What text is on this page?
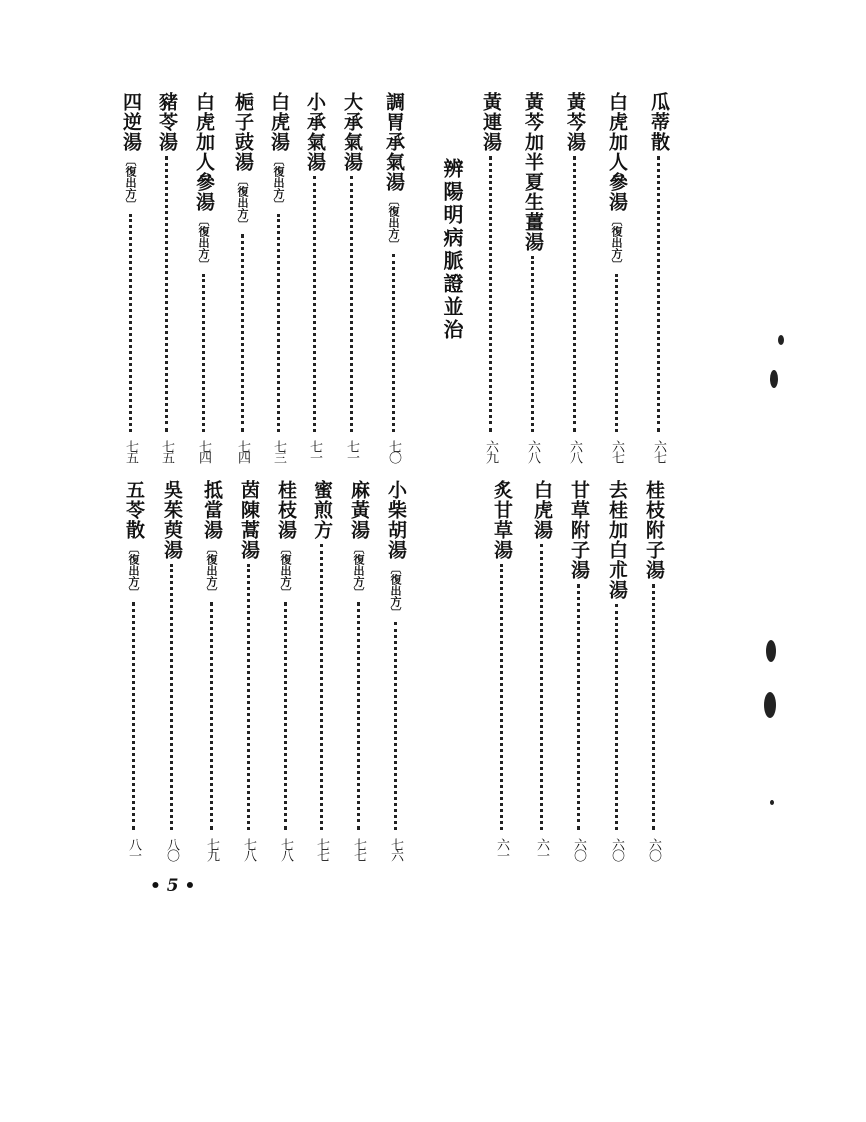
辨陽明病脈證並治
• 5 •
瓜蒂散
六七
白虎加人參湯
〔復出方〕
六七
黃芩湯
六八
黃芩加半夏生薑湯
六八
黃連湯
六九
調胃承氣湯
〔復出方〕
七〇
大承氣湯
七一
小承氣湯
七一
白虎湯
〔復出方〕
七三
梔子豉湯
〔復出方〕
七四
白虎加人參湯
〔復出方〕
七四
豬苓湯
七五
四逆湯
〔復出方〕
七五
桂枝附子湯
六〇
去桂加白朮湯
六〇
甘草附子湯
六〇
白虎湯
六一
炙甘草湯
六一
小柴胡湯
〔復出方〕
七六
麻黃湯
〔復出方〕
七七
蜜煎方
七七
桂枝湯
〔復出方〕
七八
茵陳蒿湯
七八
抵當湯
〔復出方〕
七九
吳茱萸湯
八〇
五苓散
〔復出方〕
八一
